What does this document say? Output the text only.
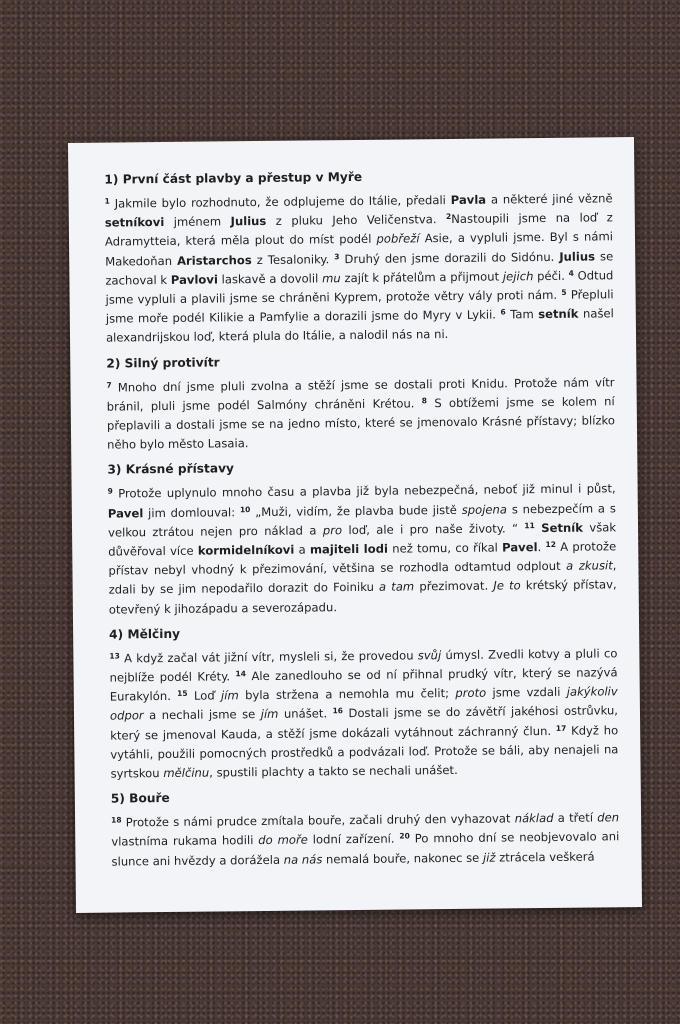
1) První část plavby a přestup v Myře

$^1$ Jakmile bylo rozhodnuto, že odplujeme do Itálie, předali Pavla a některé jiné vězně setníkovi jménem Julius z pluku Jeho Veličenstva. $^2$Nastoupili jsme na loď z Adramytteia, která měla plout do míst podél pobřeží Asie, a vypluli jsme. Byl s námi Makedoňan Aristarchos z Tesaloniky. $^3$ Druhý den jsme dorazili do Sidónu. Julius se zachoval k Pavlovi laskavě a dovolil mu zajít k přátelům a přijmout jejich péči. $^4$ Odtud jsme vypluli a plavili jsme se chráněni Kyprem, protože větry vály proti nám. $^5$ Přepluli jsme moře podél Kilikie a Pamfylie a dorazili jsme do Myry v Lykii. $^6$ Tam setník našel alexandrijskou loď, která plula do Itálie, a nalodil nás na ni.

2) Silný protivítr

$^7$ Mnoho dní jsme pluli zvolna a stěží jsme se dostali proti Knidu. Protože nám vítr bránil, pluli jsme podél Salmóny chráněni Krétou. $^8$ S obtížemi jsme se kolem ní přeplavili a dostali jsme se na jedno místo, které se jmenovalo Krásné přístavy; blízko něho bylo město Lasaia.

3) Krásné přístavy

$^9$ Protože uplynulo mnoho času a plavba již byla nebezpečná, neboť již minul i půst, Pavel jim domlouval: $^{10}$ „Muži, vidím, že plavba bude jistě spojena s nebezpečím a s velkou ztrátou nejen pro náklad a pro loď, ale i pro naše životy. “ $^{11}$ Setník však důvěřoval více kormidelníkovi a majiteli lodi než tomu, co říkal Pavel. $^{12}$ A protože přístav nebyl vhodný k přezimování, většina se rozhodla odtamtud odplout a zkusit, zdali by se jim nepodařilo dorazit do Foiniku a tam přezimovat. Je to krétský přístav, otevřený k jihozápadu a severozápadu.

4) Mělčiny

$^{13}$ A když začal vát jižní vítr, mysleli si, že provedou svůj úmysl. Zvedli kotvy a pluli co nejblíže podél Kréty. $^{14}$ Ale zanedlouho se od ní přihnal prudký vítr, který se nazývá Eurakylón. $^{15}$ Loď jím byla stržena a nemohla mu čelit; proto jsme vzdali jakýkoliv odpor a nechali jsme se jím unášet. $^{16}$ Dostali jsme se do závětří jakéhosi ostrůvku, který se jmenoval Kauda, a stěží jsme dokázali vytáhnout záchranný člun. $^{17}$ Když ho vytáhli, použili pomocných prostředků a podvázali loď. Protože se báli, aby nenajeli na syrtskou mělčinu, spustili plachty a takto se nechali unášet.

5) Bouře

$^{18}$ Protože s námi prudce zmítala bouře, začali druhý den vyhazovat náklad a třetí den vlastníma rukama hodili do moře lodní zařízení. $^{20}$ Po mnoho dní se neobjevovalo ani slunce ani hvězdy a dorážela na nás nemalá bouře, nakonec se již ztrácela veškerá
